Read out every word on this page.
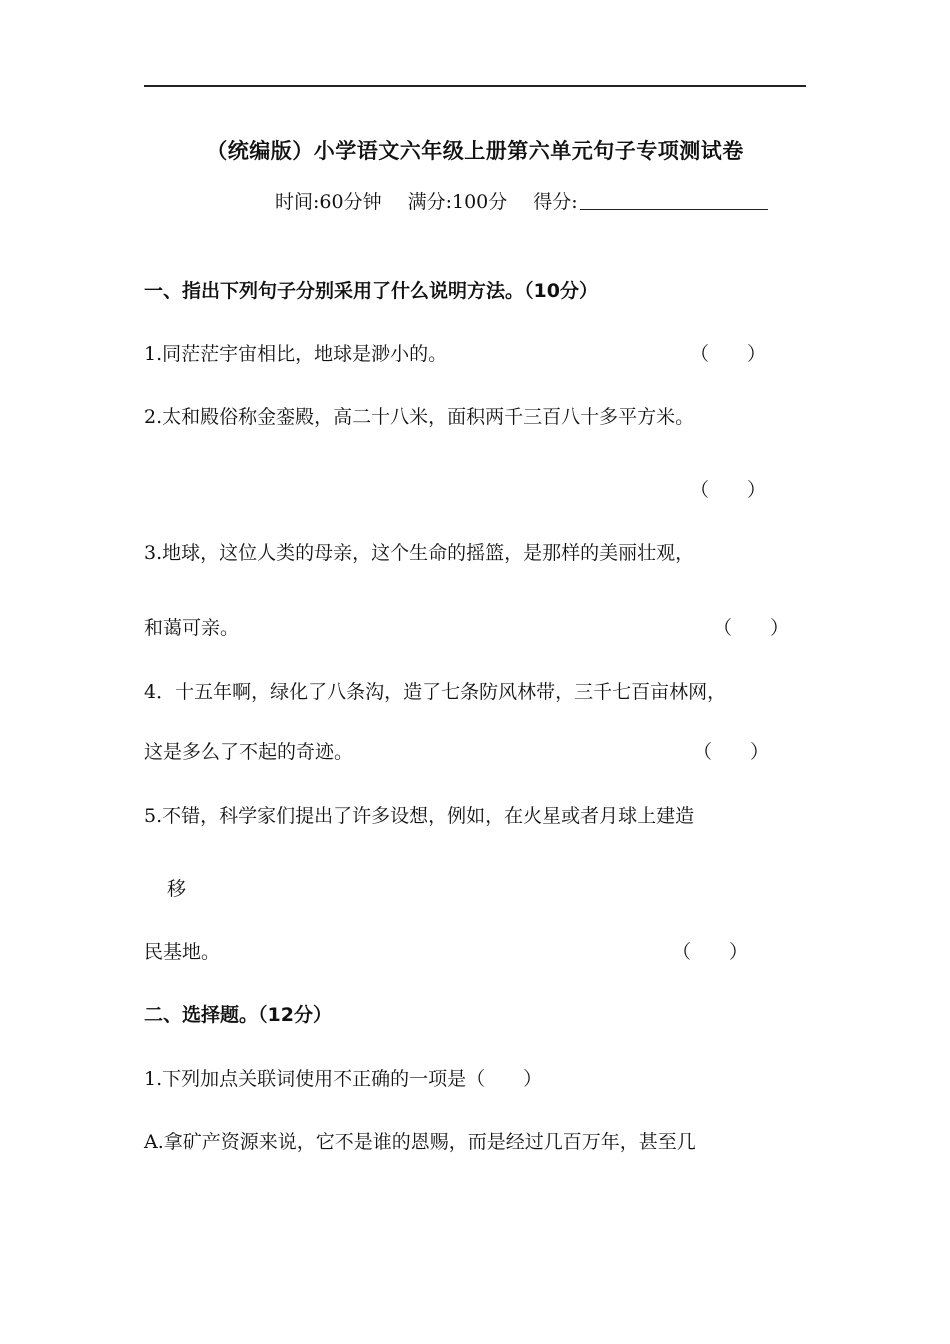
（统编版）小学语文六年级上册第六单元句子专项测试卷
时间:60分钟 满分:100分 得分:
一、指出下列句子分别采用了什么说明方法。（10分）
1.同茫茫宇宙相比，地球是渺小的。	（　　）
2.太和殿俗称金銮殿，高二十八米，面积两千三百八十多平方米。
（　　）
3.地球，这位人类的母亲，这个生命的摇篮，是那样的美丽壮观，
和蔼可亲。	（　　）
4．十五年啊，绿化了八条沟，造了七条防风林带，三千七百亩林网，
这是多么了不起的奇迹。	（　　）
5.不错，科学家们提出了许多设想，例如，在火星或者月球上建造
移
民基地。	（　　）
二、选择题。（12分）
1.下列加点关联词使用不正确的一项是（　　）
A.拿矿产资源来说，它不是谁的恩赐，而是经过几百万年，甚至几
